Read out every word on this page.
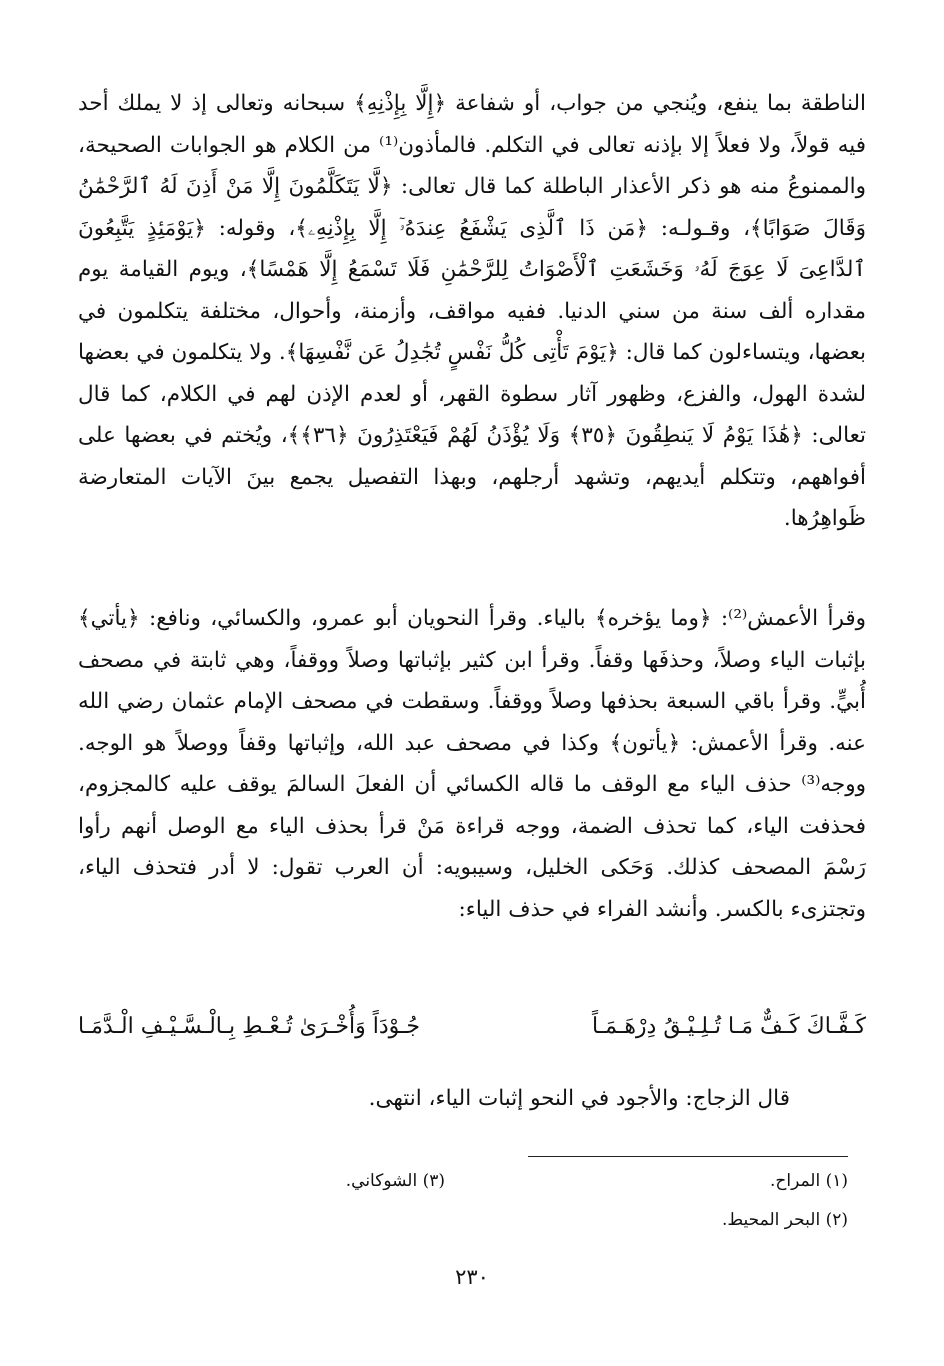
الناطقة بما ينفع، ويُنجي من جواب، أو شفاعة ﴿إِلَّا بِإِذْنِهِ﴾ سبحانه وتعالى إذ لا يملك أحد فيه قولاً، ولا فعلاً إلا بإذنه تعالى في التكلم. فالمأذون⁽¹⁾ من الكلام هو الجوابات الصحيحة، والممنوعُ منه هو ذكر الأعذار الباطلة كما قال تعالى: ﴿لَّا يَتَكَلَّمُونَ إِلَّا مَنْ أَذِنَ لَهُ ٱلرَّحْمَٰنُ وَقَالَ صَوَابًا﴾، وقـولـه: ﴿مَن ذَا ٱلَّذِى يَشْفَعُ عِندَهُۥٓ إِلَّا بِإِذْنِهِۦ﴾، وقوله: ﴿يَوْمَئِذٍ يَتَّبِعُونَ ٱلدَّاعِىَ لَا عِوَجَ لَهُۥ وَخَشَعَتِ ٱلْأَصْوَاتُ لِلرَّحْمَٰنِ فَلَا تَسْمَعُ إِلَّا هَمْسًا﴾، ويوم القيامة يوم مقداره ألف سنة من سني الدنيا. ففيه مواقف، وأزمنة، وأحوال، مختلفة يتكلمون في بعضها، ويتساءلون كما قال: ﴿يَوْمَ تَأْتِى كُلُّ نَفْسٍ تُجَٰدِلُ عَن نَّفْسِهَا﴾. ولا يتكلمون في بعضها لشدة الهول، والفزع، وظهور آثار سطوة القهر، أو لعدم الإذن لهم في الكلام، كما قال تعالى: ﴿هَٰذَا يَوْمُ لَا يَنطِقُونَ ﴿٣٥﴾ وَلَا يُؤْذَنُ لَهُمْ فَيَعْتَذِرُونَ ﴿٣٦﴾﴾، ويُختم في بعضها على أفواههم، وتتكلم أيديهم، وتشهد أرجلهم، وبهذا التفصيل يجمع بينَ الآيات المتعارضة ظَواهِرُها.

وقرأ الأعمش⁽²⁾: ﴿وما يؤخره﴾ بالياء. وقرأ النحويان أبو عمرو، والكسائي، ونافع: ﴿يأتي﴾ بإثبات الياء وصلاً، وحذفَها وقفاً. وقرأ ابن كثير بإثباتها وصلاً ووقفاً، وهي ثابتة في مصحف أُبيٍّ. وقرأ باقي السبعة بحذفها وصلاً ووقفاً. وسقطت في مصحف الإمام عثمان رضي الله عنه. وقرأ الأعمش: ﴿يأتون﴾ وكذا في مصحف عبد الله، وإثباتها وقفاً ووصلاً هو الوجه. ووجه⁽³⁾ حذف الياء مع الوقف ما قاله الكسائي أن الفعلَ السالمَ يوقف عليه كالمجزوم، فحذفت الياء، كما تحذف الضمة، ووجه قراءة مَنْ قرأ بحذف الياء مع الوصل أنهم رأوا رَسْمَ المصحف كذلك. وَحَكى الخليل، وسيبويه: أن العرب تقول: لا أدر فتحذف الياء، وتجتزىء بالكسر. وأنشد الفراء في حذف الياء:

كَـفَّـاكَ كَـفٌّ مَـا تُـلِـيْـقُ دِرْهَـمَـاً
جُـوْدَاً وَأُخْـرَىٰ تُـعْـطِ بِـالْـسَّـيْـفِ الْـدَّمَـا
قال الزجاج: والأجود في النحو إثبات الياء، انتهى.
(١) المراح.
(٢) البحر المحيط.
(٣) الشوكاني.
٢٣٠
